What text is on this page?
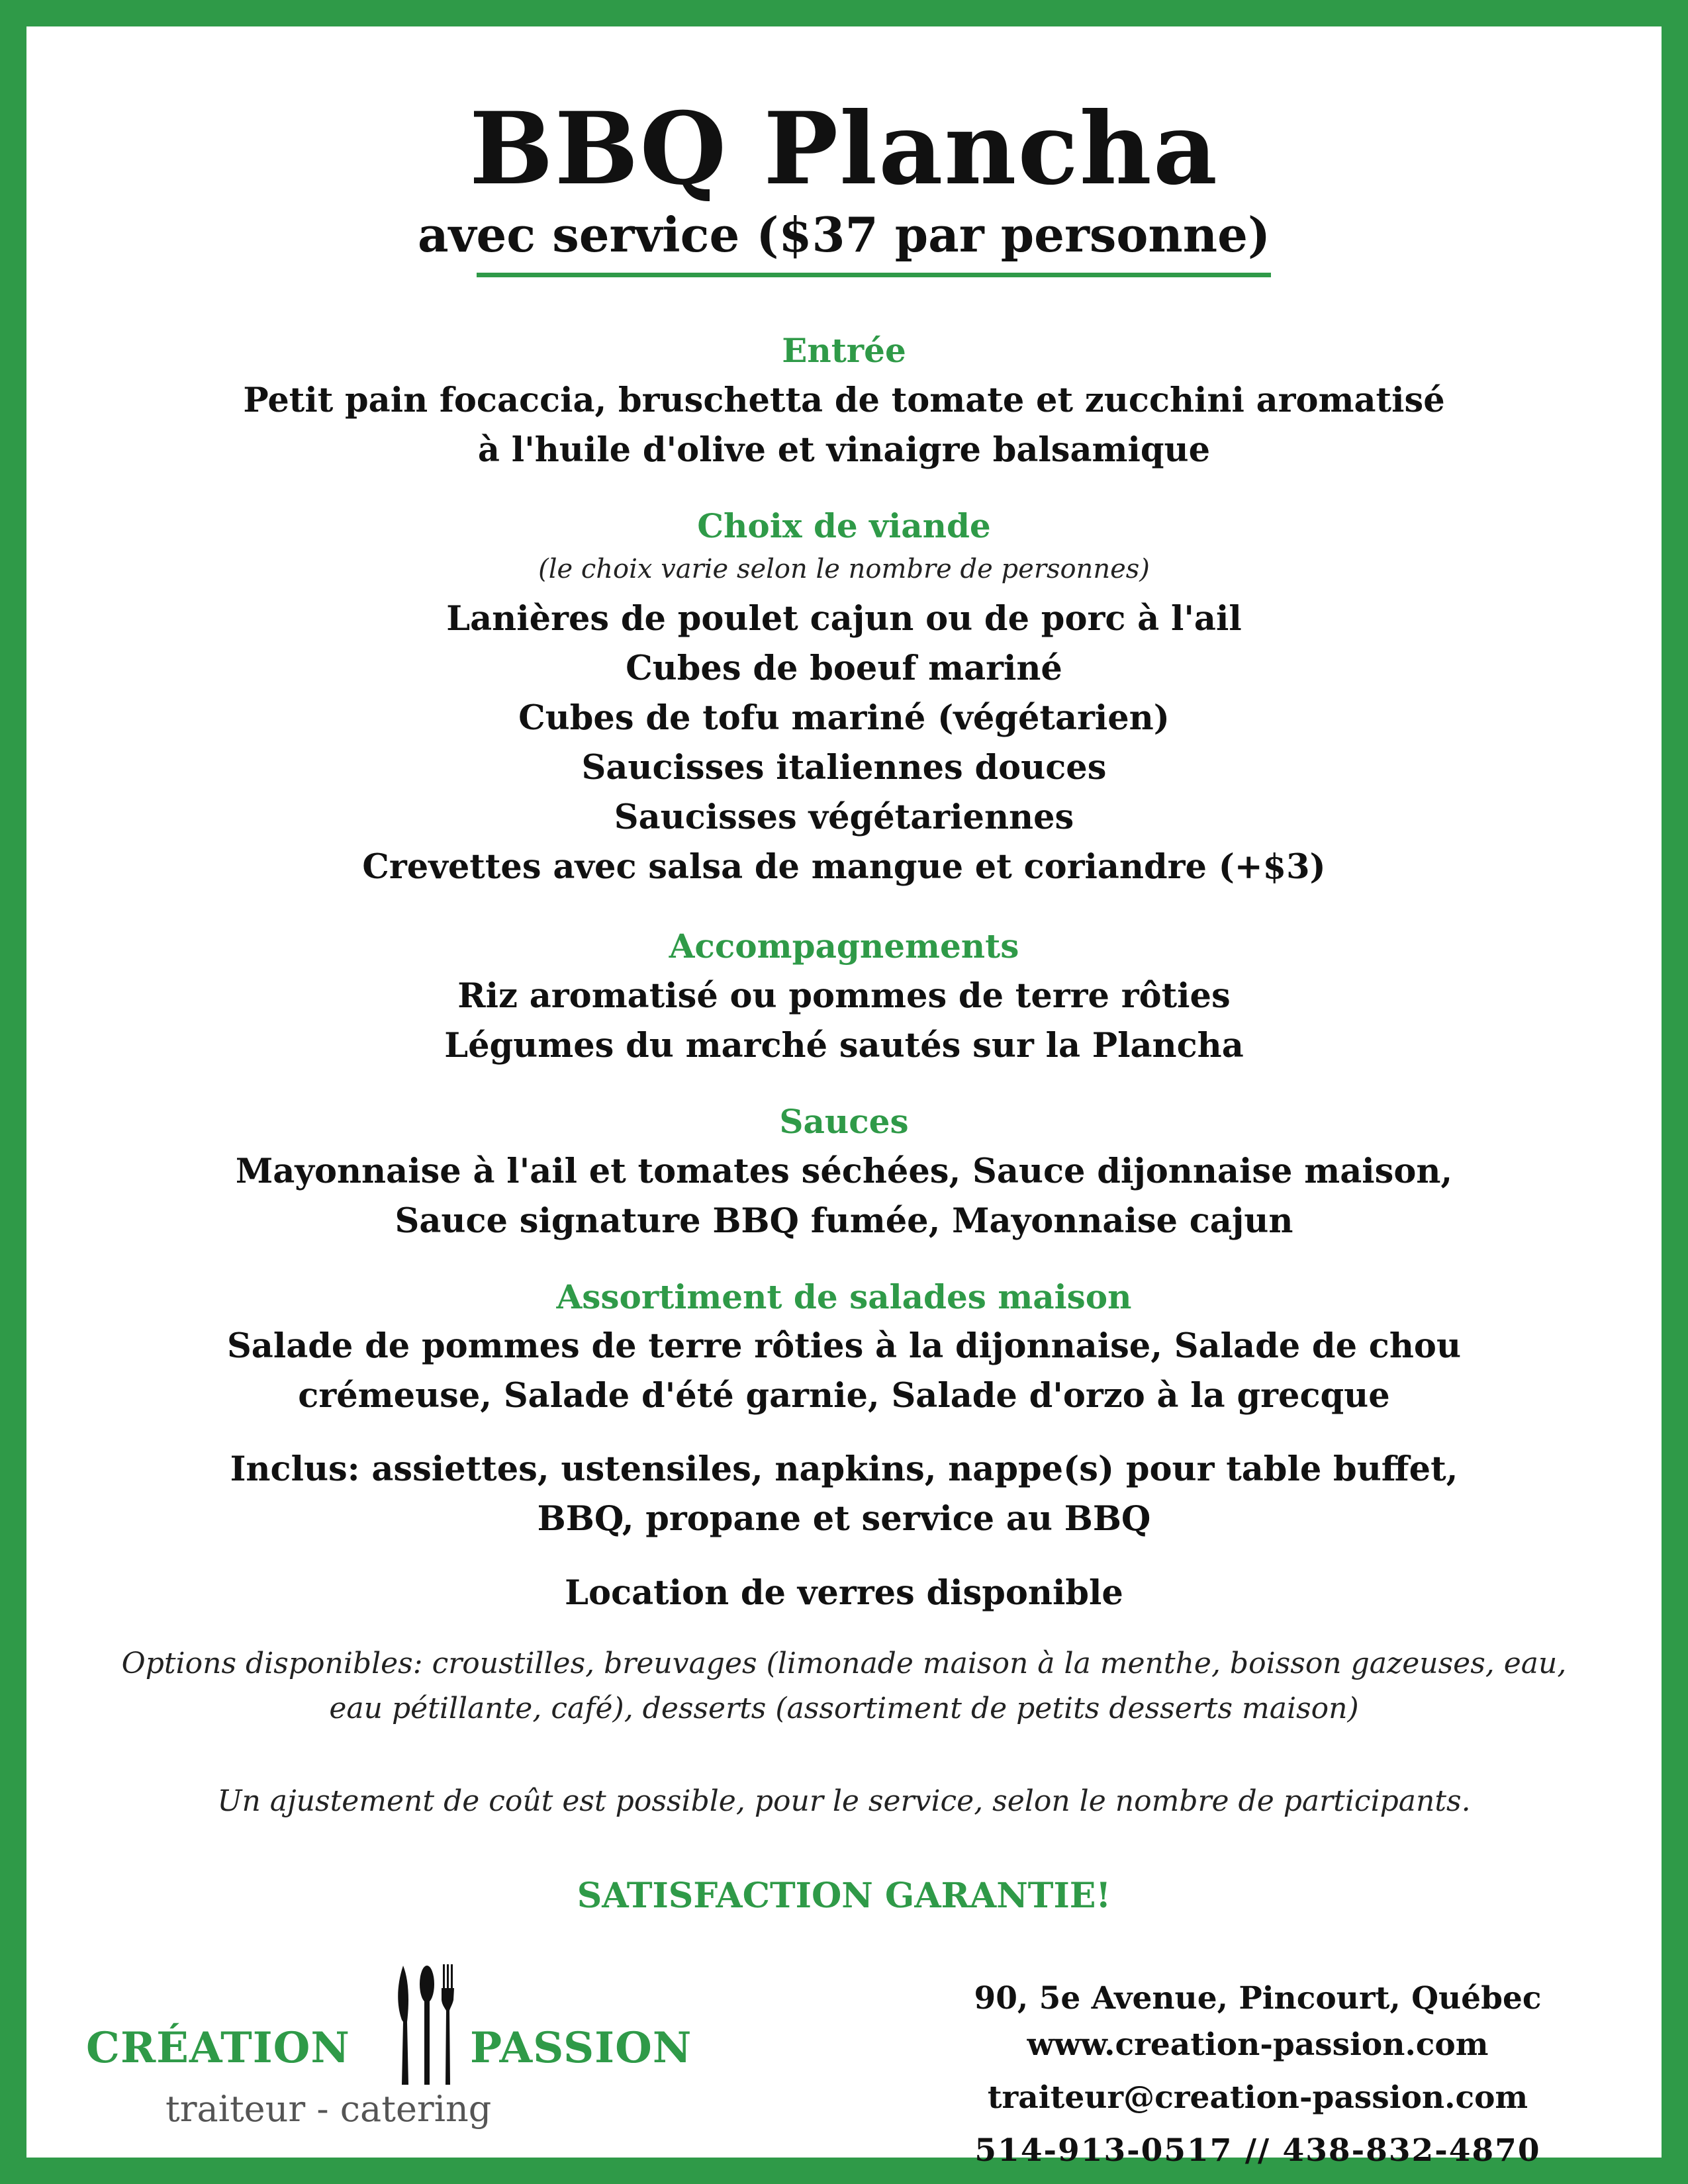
BBQ Plancha
avec service ($37 par personne)
Entrée
Petit pain focaccia, bruschetta de tomate et zucchini aromatisé
à l'huile d'olive et vinaigre balsamique
Choix de viande
(le choix varie selon le nombre de personnes)
Lanières de poulet cajun ou de porc à l'ail
Cubes de boeuf mariné
Cubes de tofu mariné (végétarien)
Saucisses italiennes douces
Saucisses végétariennes
Crevettes avec salsa de mangue et coriandre (+$3)
Accompagnements
Riz aromatisé ou pommes de terre rôties
Légumes du marché sautés sur la Plancha
Sauces
Mayonnaise à l'ail et tomates séchées, Sauce dijonnaise maison,
Sauce signature BBQ fumée, Mayonnaise cajun
Assortiment de salades maison
Salade de pommes de terre rôties à la dijonnaise, Salade de chou
crémeuse, Salade d'été garnie, Salade d'orzo à la grecque
Inclus: assiettes, ustensiles, napkins, nappe(s) pour table buffet,
BBQ, propane et service au BBQ
Location de verres disponible
Options disponibles: croustilles, breuvages (limonade maison à la menthe, boisson gazeuses, eau,
eau pétillante, café), desserts (assortiment de petits desserts maison)
Un ajustement de coût est possible, pour le service, selon le nombre de participants.
SATISFACTION GARANTIE!
CRÉATION	PASSION
traiteur - catering
90, 5e Avenue, Pincourt, Québec
www.creation-passion.com
traiteur@creation-passion.com
514-913-0517 // 438-832-4870
